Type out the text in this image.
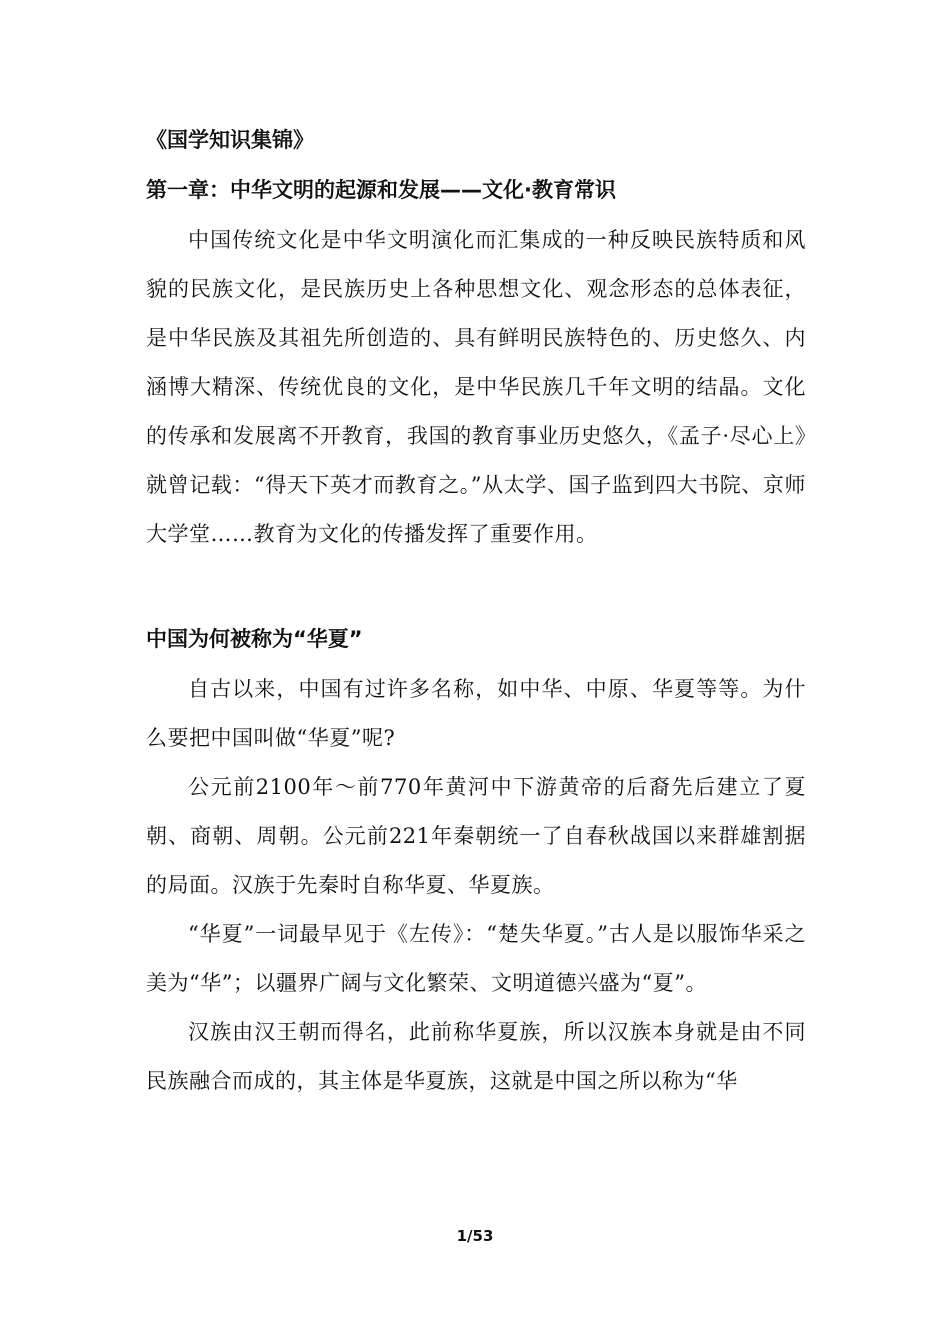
《国学知识集锦》
第一章：中华文明的起源和发展——文化·教育常识

中国传统文化是中华文明演化而汇集成的一种反映民族特质和风貌的民族文化，是民族历史上各种思想文化、观念形态的总体表征，是中华民族及其祖先所创造的、具有鲜明民族特色的、历史悠久、内涵博大精深、传统优良的文化，是中华民族几千年文明的结晶。文化的传承和发展离不开教育，我国的教育事业历史悠久，《孟子·尽心上》就曾记载：“得天下英才而教育之。”从太学、国子监到四大书院、京师大学堂……教育为文化的传播发挥了重要作用。

中国为何被称为“华夏”

自古以来，中国有过许多名称，如中华、中原、华夏等等。为什么要把中国叫做“华夏”呢?

公元前2100年～前770年黄河中下游黄帝的后裔先后建立了夏朝、商朝、周朝。公元前221年秦朝统一了自春秋战国以来群雄割据的局面。汉族于先秦时自称华夏、华夏族。

“华夏”一词最早见于《左传》：“楚失华夏。”古人是以服饰华采之美为“华”；以疆界广阔与文化繁荣、文明道德兴盛为“夏”。

汉族由汉王朝而得名，此前称华夏族，所以汉族本身就是由不同民族融合而成的，其主体是华夏族，这就是中国之所以称为“华

1/53
